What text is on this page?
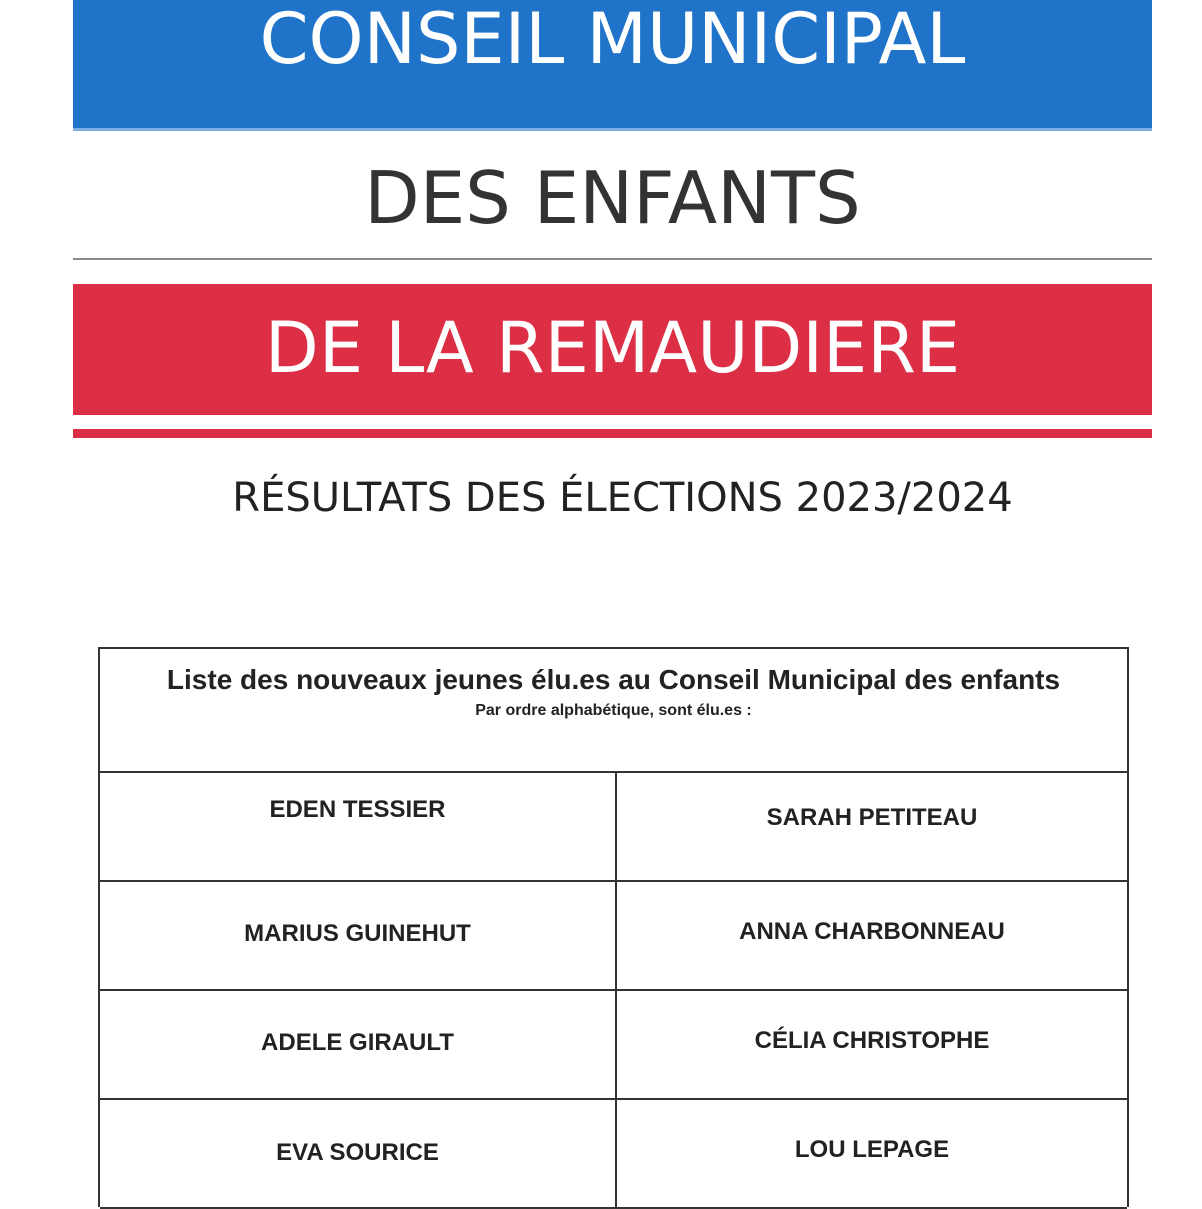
CONSEIL MUNICIPAL
DES ENFANTS
DE LA REMAUDIERE
RÉSULTATS DES ÉLECTIONS 2023/2024
Liste des nouveaux jeunes élu.es au Conseil Municipal des enfants
Par ordre alphabétique, sont élu.es :
EDEN TESSIER	SARAH PETITEAU
MARIUS GUINEHUT	ANNA CHARBONNEAU
ADELE GIRAULT	CÉLIA CHRISTOPHE
EVA SOURICE	LOU LEPAGE
